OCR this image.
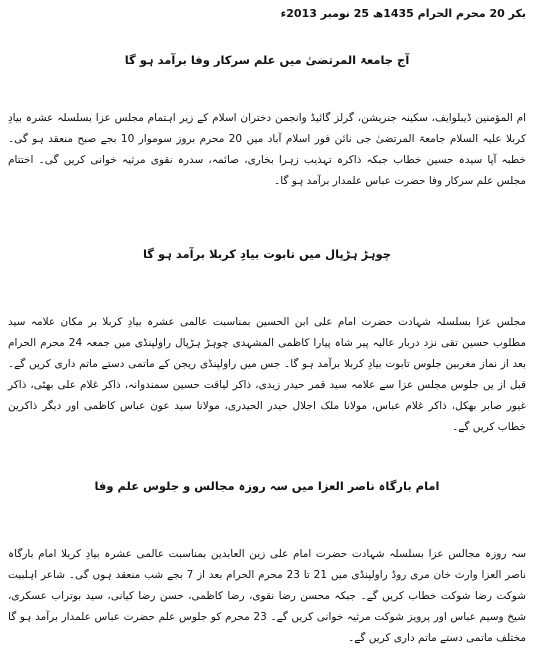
بکر 20 محرم الحرام 1435ھ 25 نومبر 2013ء

آج جامعۃ المرتضیٰ میں علم سرکار وفا برآمد ہو گا

ام المؤمنین ڈیبلوایف، سکینہ جنریشن، گرلز گائیڈ وانجمن دختران اسلام کے زیر اہتمام مجلس عزا بسلسلہ عشرہ بیادِ کربلا علیہ السلام جامعۃ المرتضیٰ جی نائن فور اسلام آباد میں 20 محرم بروز سوموار 10 بجے صبح منعقد ہو گی۔ خطبہ آپا سیدہ حسین خطاب جبکہ ذاکرہ تہذیب زہرا بخاری، صائمہ، سدرہ نقوی مرثیہ خوانی کریں گی۔ اختتام مجلس علم سرکار وفا حضرت عباس علمدار برآمد ہو گا۔

چوہڑ ہڑپال میں تابوت بیادِ کربلا برآمد ہو گا

مجلس عزا بسلسلہ شہادت حضرت امام علی ابن الحسین بمناسبت عالمی عشرہ بیادِ کربلا بر مکان علامہ سید مطلوب حسین تقی نزد دربار عالیہ پیر شاہ پیارا کاظمی المشہدی چوہڑ ہڑپال راولپنڈی میں جمعہ 24 محرم الحرام بعد از نماز مغربین جلوس تابوت بیادِ کربلا برآمد ہو گا۔ جس میں راولپنڈی ریجن کے ماتمی دستے ماتم داری کریں گے۔ قبل از یں جلوس مجلس عزا سے علامہ سید قمر حیدر زیدی، ذاکر لیاقت حسین سمندوانہ، ذاکر غلام علی بھٹی، ذاکر غیور صابر بھکل، ذاکر غلام عباس، مولانا ملک اجلال حیدر الحیدری، مولانا سید عون عباس کاظمی اور دیگر ذاکرین خطاب کریں گے۔

امام بارگاہ ناصر العزا میں سہ روزہ مجالس و جلوس علم وفا

سہ روزہ مجالس عزا بسلسلہ شہادت حضرت امام علی زین العابدین بمناسبت عالمی عشرہ بیادِ کربلا امام بارگاہ ناصر العزا وارث خان مری روڈ راولپنڈی میں 21 تا 23 محرم الحرام بعد از 7 بجے شب منعقد ہوں گی۔ شاعر اہلبیت شوکت رضا شوکت خطاب کریں گے۔ جبکہ محسن رضا نقوی، رضا کاظمی، حسن رضا کیانی، سید بوتراب عسکری، شیخ وسیم عباس اور پرویز شوکت مرثیہ خوانی کریں گے۔ 23 محرم کو جلوس علم حضرت عباس علمدار برآمد ہو گا مختلف ماتمی دستے ماتم داری کریں گے۔
